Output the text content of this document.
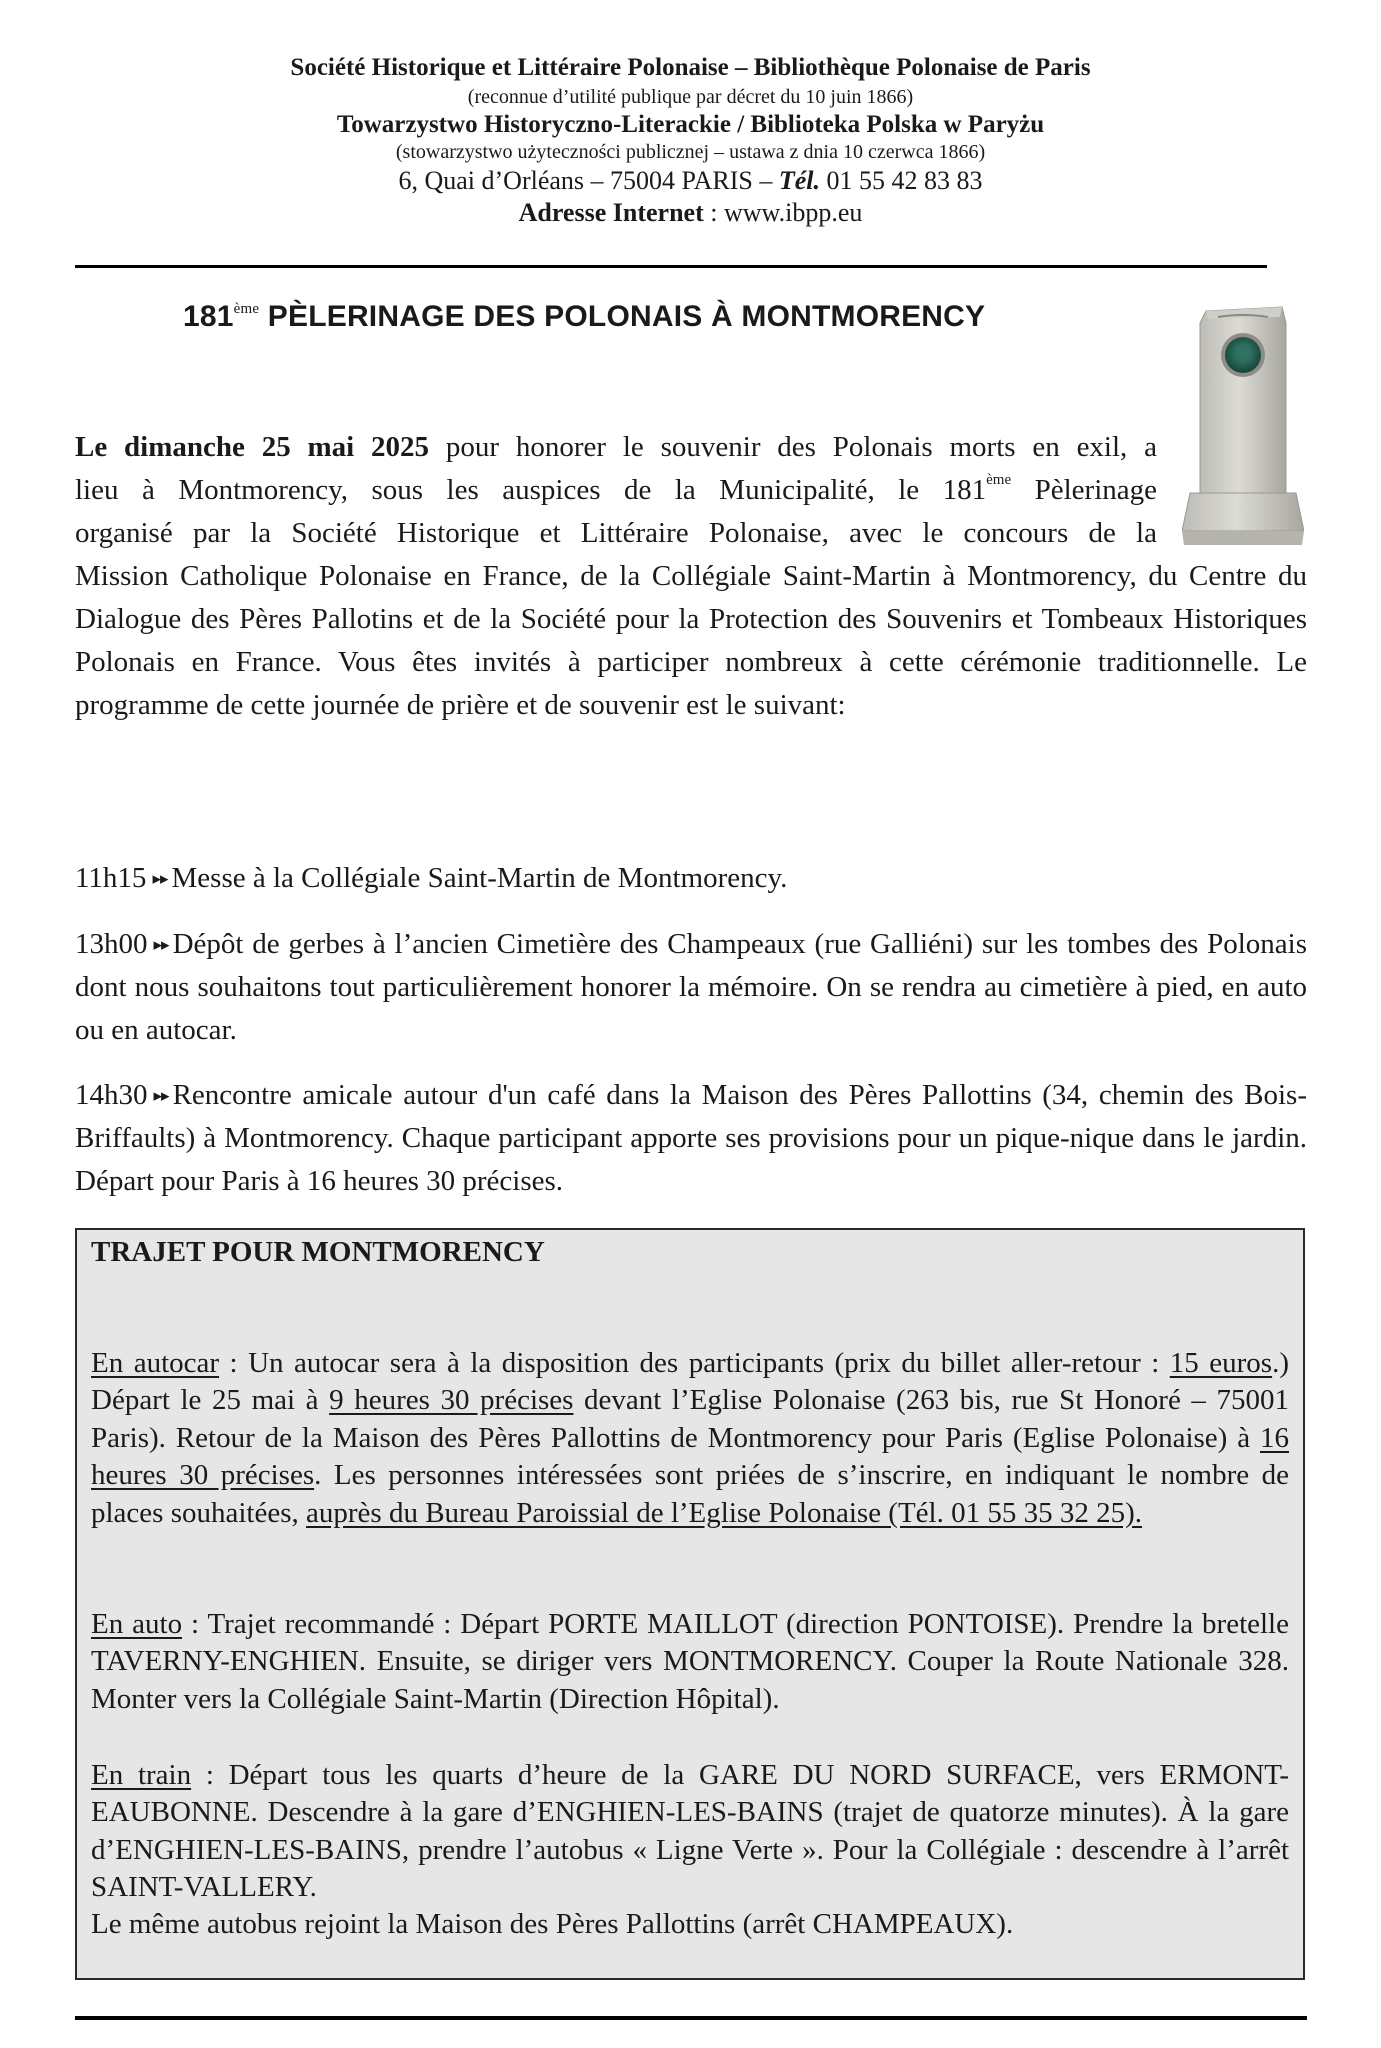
Société Historique et Littéraire Polonaise – Bibliothèque Polonaise de Paris
(reconnue d’utilité publique par décret du 10 juin 1866)
Towarzystwo Historyczno-Literackie / Biblioteka Polska w Paryżu
(stowarzystwo użyteczności publicznej – ustawa z dnia 10 czerwca 1866)
6, Quai d’Orléans – 75004 PARIS – Tél. 01 55 42 83 83
Adresse Internet : www.ibpp.eu
181ème PÈLERINAGE DES POLONAIS À MONTMORENCY

Le dimanche 25 mai 2025 pour honorer le souvenir des Polonais morts en exil, a

lieu à Montmorency, sous les auspices de la Municipalité, le 181ème Pèlerinage

organisé par la Société Historique et Littéraire Polonaise, avec le concours de la

Mission Catholique Polonaise en France, de la Collégiale Saint-Martin à Montmorency, du Centre du Dialogue des Pères Pallotins et de la Société pour la Protection des Souvenirs et Tombeaux Historiques Polonais en France. Vous êtes invités à participer nombreux à cette cérémonie traditionnelle. Le programme de cette journée de prière et de souvenir est le suivant:

11h15 ▸▸ Messe à la Collégiale Saint-Martin de Montmorency.

13h00 ▸▸ Dépôt de gerbes à l’ancien Cimetière des Champeaux (rue Galliéni) sur les tombes des Polonais dont nous souhaitons tout particulièrement honorer la mémoire. On se rendra au cimetière à pied, en auto ou en autocar.

14h30 ▸▸ Rencontre amicale autour d'un café dans la Maison des Pères Pallottins (34, chemin des Bois-Briffaults) à Montmorency. Chaque participant apporte ses provisions pour un pique-nique dans le jardin. Départ pour Paris à 16 heures 30 précises.

TRAJET POUR MONTMORENCY

En autocar : Un autocar sera à la disposition des participants (prix du billet aller-retour : 15 euros.) Départ le 25 mai à 9 heures 30 précises devant l’Eglise Polonaise (263 bis, rue St Honoré – 75001 Paris). Retour de la Maison des Pères Pallottins de Montmorency pour Paris (Eglise Polonaise) à 16 heures 30 précises. Les personnes intéressées sont priées de s’inscrire, en indiquant le nombre de places souhaitées, auprès du Bureau Paroissial de l’Eglise Polonaise (Tél. 01 55 35 32 25).

En auto : Trajet recommandé : Départ PORTE MAILLOT (direction PONTOISE). Prendre la bretelle TAVERNY-ENGHIEN. Ensuite, se diriger vers MONTMORENCY. Couper la Route Nationale 328. Monter vers la Collégiale Saint-Martin (Direction Hôpital).

En train : Départ tous les quarts d’heure de la GARE DU NORD SURFACE, vers ERMONT-EAUBONNE. Descendre à la gare d’ENGHIEN-LES-BAINS (trajet de quatorze minutes). À la gare d’ENGHIEN-LES-BAINS, prendre l’autobus « Ligne Verte ». Pour la Collégiale : descendre à l’arrêt SAINT-VALLERY.

Le même autobus rejoint la Maison des Pères Pallottins (arrêt CHAMPEAUX).
